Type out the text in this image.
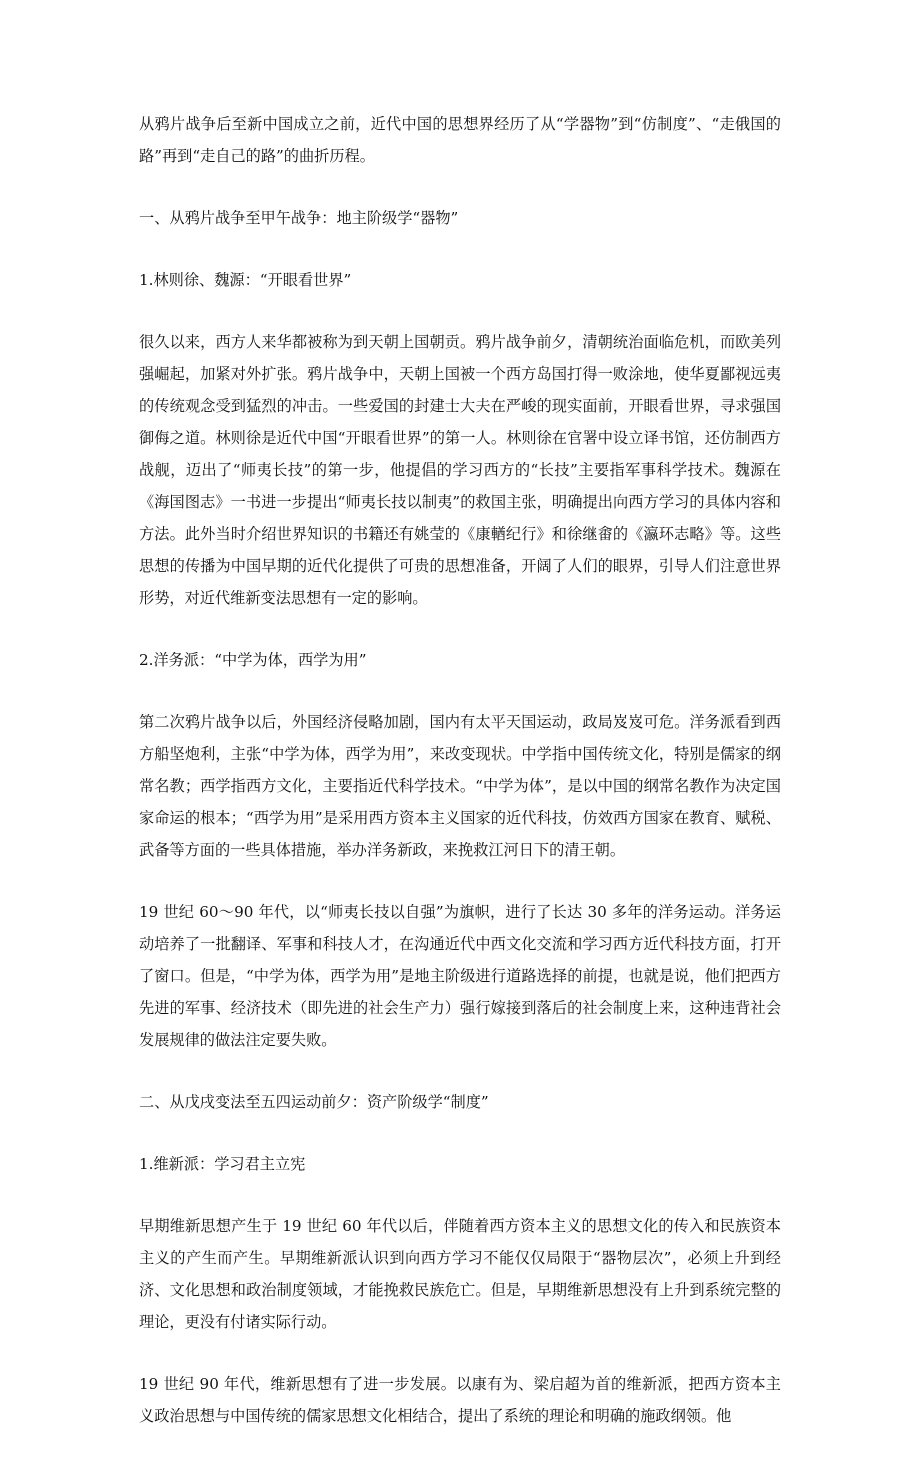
从鸦片战争后至新中国成立之前，近代中国的思想界经历了从“学器物”到“仿制度”、“走俄国的路”再到“走自己的路”的曲折历程。

一、从鸦片战争至甲午战争：地主阶级学“器物”

1.林则徐、魏源：“开眼看世界”

很久以来，西方人来华都被称为到天朝上国朝贡。鸦片战争前夕，清朝统治面临危机，而欧美列强崛起，加紧对外扩张。鸦片战争中，天朝上国被一个西方岛国打得一败涂地，使华夏鄙视远夷的传统观念受到猛烈的冲击。一些爱国的封建士大夫在严峻的现实面前，开眼看世界，寻求强国御侮之道。林则徐是近代中国“开眼看世界”的第一人。林则徐在官署中设立译书馆，还仿制西方战舰，迈出了“师夷长技”的第一步，他提倡的学习西方的“长技”主要指军事科学技术。魏源在《海国图志》一书进一步提出“师夷长技以制夷”的救国主张，明确提出向西方学习的具体内容和方法。此外当时介绍世界知识的书籍还有姚莹的《康輶纪行》和徐继畬的《瀛环志略》等。这些思想的传播为中国早期的近代化提供了可贵的思想准备，开阔了人们的眼界，引导人们注意世界形势，对近代维新变法思想有一定的影响。

2.洋务派：“中学为体，西学为用”

第二次鸦片战争以后，外国经济侵略加剧，国内有太平天国运动，政局岌岌可危。洋务派看到西方船坚炮利，主张“中学为体，西学为用”，来改变现状。中学指中国传统文化，特别是儒家的纲常名教；西学指西方文化，主要指近代科学技术。“中学为体”，是以中国的纲常名教作为决定国家命运的根本；“西学为用”是采用西方资本主义国家的近代科技，仿效西方国家在教育、赋税、武备等方面的一些具体措施，举办洋务新政，来挽救江河日下的清王朝。

19 世纪 60～90 年代，以“师夷长技以自强”为旗帜，进行了长达 30 多年的洋务运动。洋务运动培养了一批翻译、军事和科技人才，在沟通近代中西文化交流和学习西方近代科技方面，打开了窗口。但是，“中学为体，西学为用”是地主阶级进行道路选择的前提，也就是说，他们把西方先进的军事、经济技术（即先进的社会生产力）强行嫁接到落后的社会制度上来，这种违背社会发展规律的做法注定要失败。

二、从戊戌变法至五四运动前夕：资产阶级学“制度”

1.维新派：学习君主立宪

早期维新思想产生于 19 世纪 60 年代以后，伴随着西方资本主义的思想文化的传入和民族资本主义的产生而产生。早期维新派认识到向西方学习不能仅仅局限于“器物层次”，必须上升到经济、文化思想和政治制度领域，才能挽救民族危亡。但是，早期维新思想没有上升到系统完整的理论，更没有付诸实际行动。

19 世纪 90 年代，维新思想有了进一步发展。以康有为、梁启超为首的维新派，把西方资本主义政治思想与中国传统的儒家思想文化相结合，提出了系统的理论和明确的施政纲领。他
